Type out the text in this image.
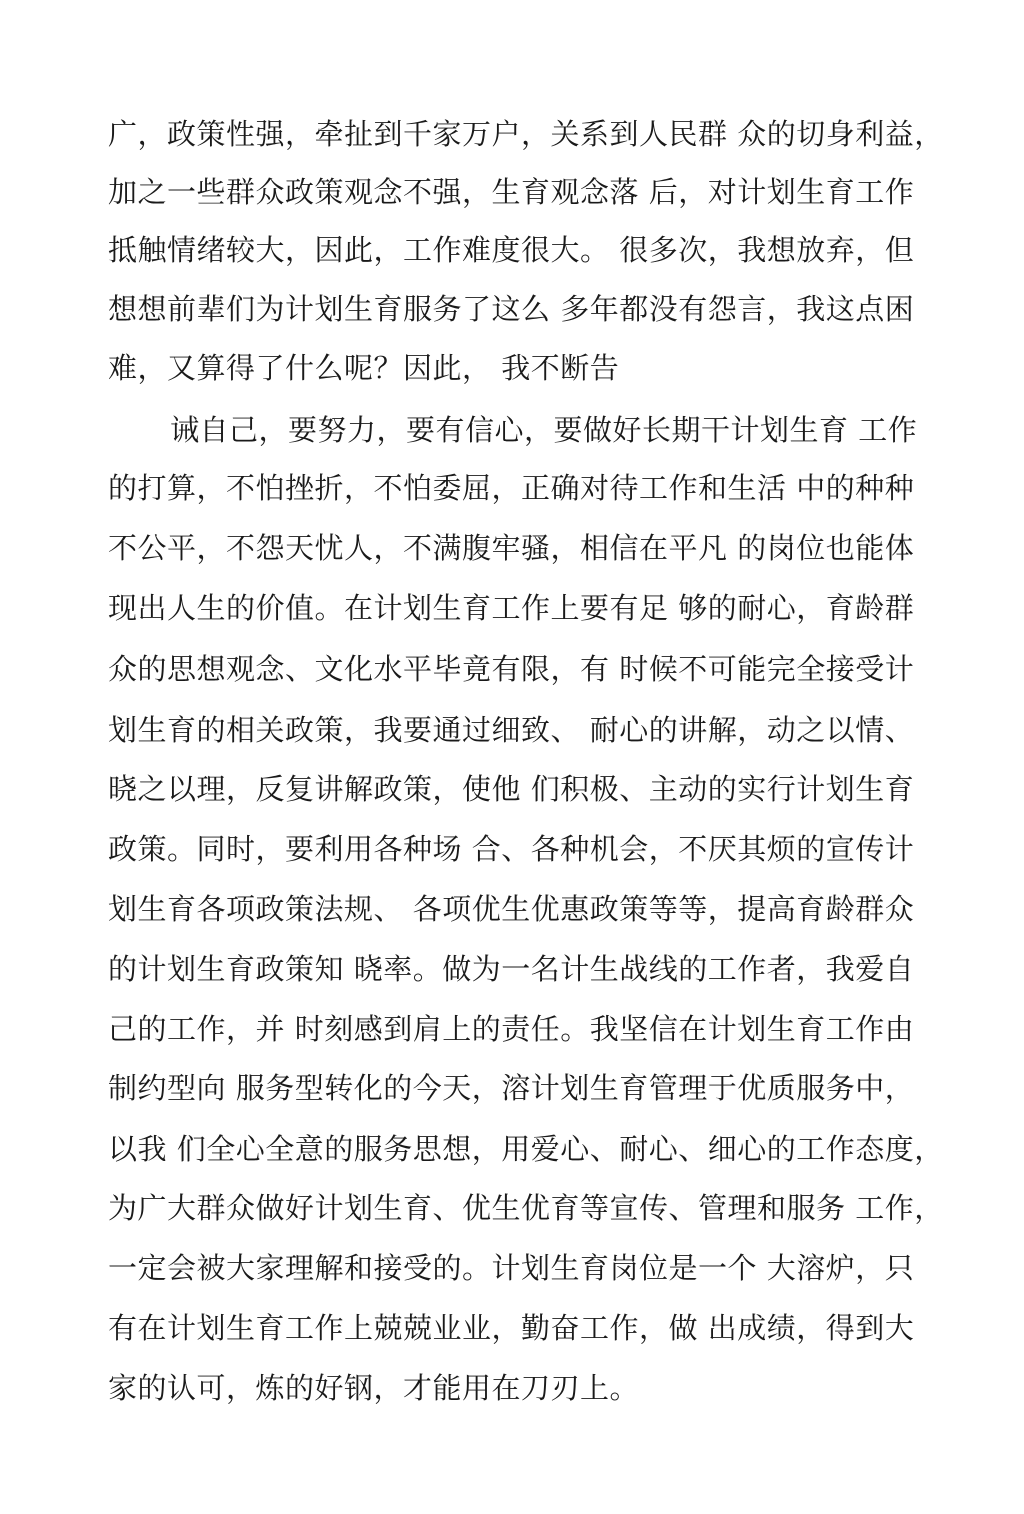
广，政策性强，牵扯到千家万户，关系到人民群 众的切身利益，
加之一些群众政策观念不强，生育观念落 后，对计划生育工作
抵触情绪较大，因此，工作难度很大。 很多次，我想放弃，但
想想前辈们为计划生育服务了这么 多年都没有怨言，我这点困
难，又算得了什么呢？因此， 我不断告
诫自己，要努力，要有信心，要做好长期干计划生育 工作
的打算，不怕挫折，不怕委屈，正确对待工作和生活 中的种种
不公平，不怨天忧人，不满腹牢骚，相信在平凡 的岗位也能体
现出人生的价值。在计划生育工作上要有足 够的耐心，育龄群
众的思想观念、文化水平毕竟有限，有 时候不可能完全接受计
划生育的相关政策，我要通过细致、 耐心的讲解，动之以情、
晓之以理，反复讲解政策，使他 们积极、主动的实行计划生育
政策。同时，要利用各种场 合、各种机会，不厌其烦的宣传计
划生育各项政策法规、 各项优生优惠政策等等，提高育龄群众
的计划生育政策知 晓率。做为一名计生战线的工作者，我爱自
己的工作，并 时刻感到肩上的责任。我坚信在计划生育工作由
制约型向 服务型转化的今天，溶计划生育管理于优质服务中，
以我 们全心全意的服务思想，用爱心、耐心、细心的工作态度，
为广大群众做好计划生育、优生优育等宣传、管理和服务 工作，
一定会被大家理解和接受的。计划生育岗位是一个 大溶炉，只
有在计划生育工作上兢兢业业，勤奋工作，做 出成绩，得到大
家的认可，炼的好钢，才能用在刀刃上。
